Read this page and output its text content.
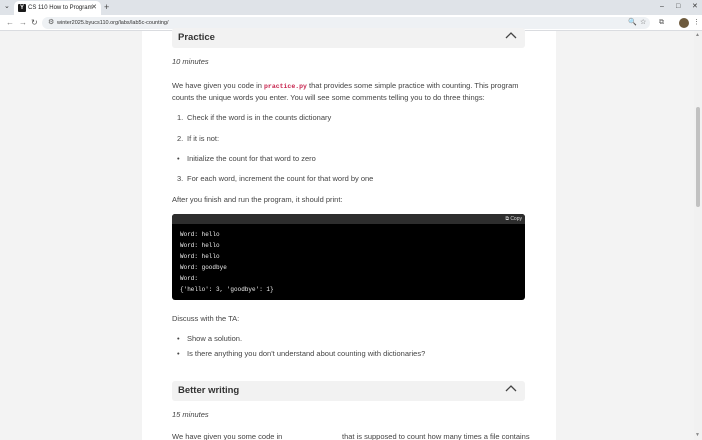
⌄	Y CS 110 How to Program
✕ +	– □ ✕
← → ↻ ⚙ winter2025.byucs110.org/labs/lab5c-counting/	🔍 ☆ ⧉	⋮
Practice
10 minutes
We have given you code in practice.py that provides some simple practice with counting. This program
counts the unique words you enter. You will see some comments telling you to do three things:
1. Check if the word is in the counts dictionary
2. If it is not:
• Initialize the count for that word to zero
3. For each word, increment the count for that word by one
After you finish and run the program, it should print:
⧉ Copy
Word: hello
Word: hello
Word: hello
Word: goodbye
Word:
{'hello': 3, 'goodbye': 1}
Discuss with the TA:
• Show a solution.
• Is there anything you don't understand about counting with dictionaries?
Better writing
15 minutes
We have given you some code in	that is supposed to count how many times a file contains
▲
▼
